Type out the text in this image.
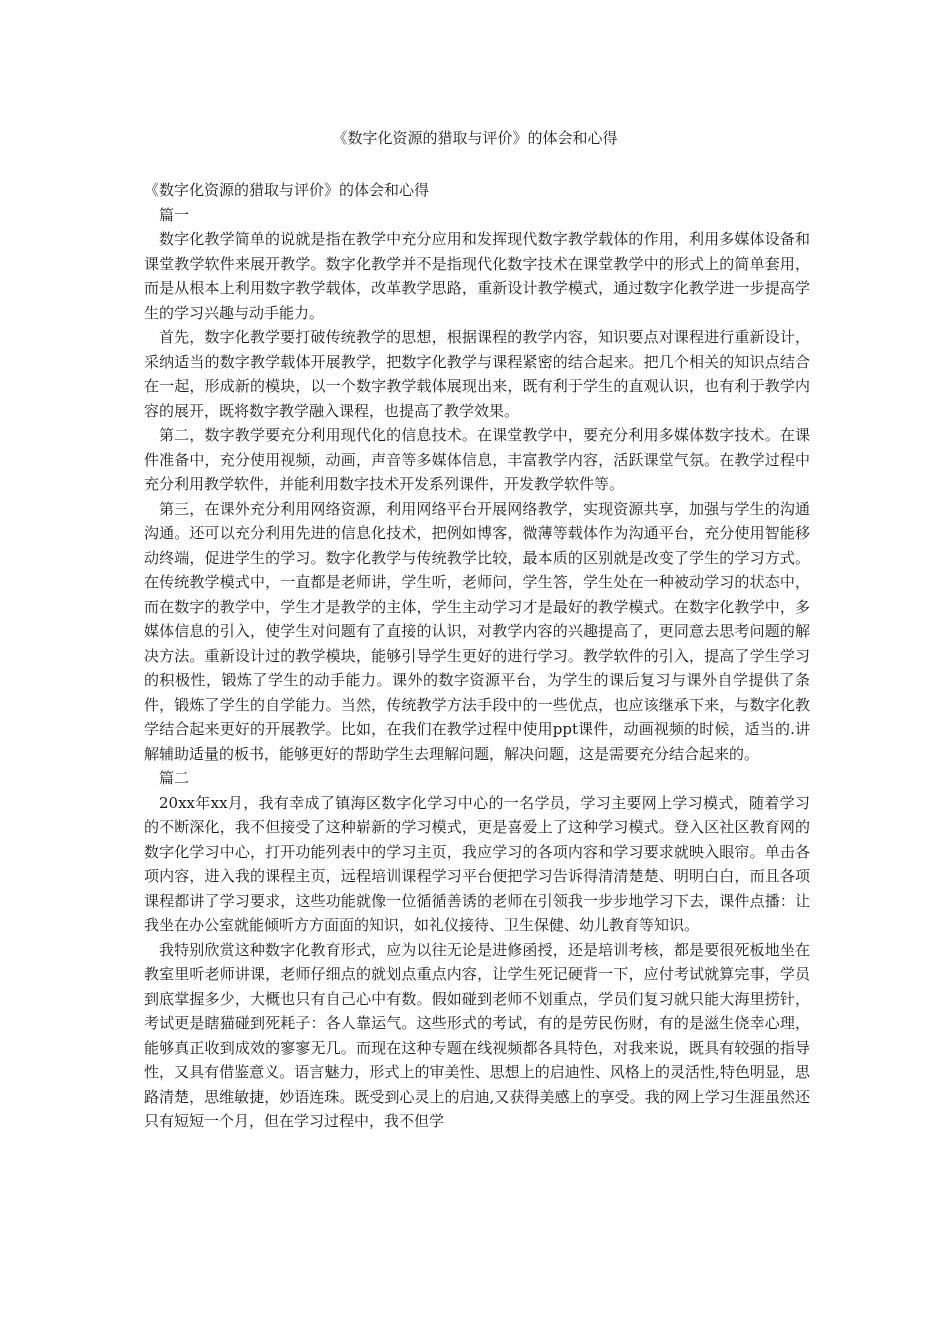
《数字化资源的猎取与评价》的体会和心得

《数字化资源的猎取与评价》的体会和心得

篇一

数字化教学简单的说就是指在教学中充分应用和发挥现代数字教学载体的作用，利用多媒体设备和课堂教学软件来展开教学。数字化教学并不是指现代化数字技术在课堂教学中的形式上的简单套用，而是从根本上利用数字教学载体，改革教学思路，重新设计教学模式，通过数字化教学进一步提高学生的学习兴趣与动手能力。

首先，数字化教学要打破传统教学的思想，根据课程的教学内容，知识要点对课程进行重新设计，采纳适当的数字教学载体开展教学，把数字化教学与课程紧密的结合起来。把几个相关的知识点结合在一起，形成新的模块，以一个数字教学载体展现出来，既有利于学生的直观认识，也有利于教学内容的展开，既将数字教学融入课程，也提高了教学效果。

第二，数字教学要充分利用现代化的信息技术。在课堂教学中，要充分利用多媒体数字技术。在课件准备中，充分使用视频，动画，声音等多媒体信息，丰富教学内容，活跃课堂气氛。在教学过程中充分利用教学软件，并能利用数字技术开发系列课件，开发教学软件等。

第三，在课外充分利用网络资源，利用网络平台开展网络教学，实现资源共享，加强与学生的沟通沟通。还可以充分利用先进的信息化技术，把例如博客，微薄等载体作为沟通平台，充分使用智能移动终端，促进学生的学习。数字化教学与传统教学比较，最本质的区别就是改变了学生的学习方式。在传统教学模式中，一直都是老师讲，学生听，老师问，学生答，学生处在一种被动学习的状态中，而在数字的教学中，学生才是教学的主体，学生主动学习才是最好的教学模式。在数字化教学中，多媒体信息的引入，使学生对问题有了直接的认识，对教学内容的兴趣提高了，更同意去思考问题的解决方法。重新设计过的教学模块，能够引导学生更好的进行学习。教学软件的引入，提高了学生学习的积极性，锻炼了学生的动手能力。课外的数字资源平台，为学生的课后复习与课外自学提供了条件，锻炼了学生的自学能力。当然，传统教学方法手段中的一些优点，也应该继承下来，与数字化教学结合起来更好的开展教学。比如，在我们在教学过程中使用ppt课件，动画视频的时候，适当的.讲解辅助适量的板书，能够更好的帮助学生去理解问题，解决问题，这是需要充分结合起来的。

篇二

20xx年xx月，我有幸成了镇海区数字化学习中心的一名学员，学习主要网上学习模式，随着学习的不断深化，我不但接受了这种崭新的学习模式，更是喜爱上了这种学习模式。登入区社区教育网的数字化学习中心，打开功能列表中的学习主页，我应学习的各项内容和学习要求就映入眼帘。单击各项内容，进入我的课程主页，远程培训课程学习平台便把学习告诉得清清楚楚、明明白白，而且各项课程都讲了学习要求，这些功能就像一位循循善诱的老师在引领我一步步地学习下去，课件点播：让我坐在办公室就能倾听方方面面的知识，如礼仪接待、卫生保健、幼儿教育等知识。

我特别欣赏这种数字化教育形式，应为以往无论是进修函授，还是培训考核，都是要很死板地坐在教室里听老师讲课，老师仔细点的就划点重点内容，让学生死记硬背一下，应付考试就算完事，学员到底掌握多少，大概也只有自己心中有数。假如碰到老师不划重点，学员们复习就只能大海里捞针，考试更是瞎猫碰到死耗子：各人靠运气。这些形式的考试，有的是劳民伤财，有的是滋生侥幸心理，能够真正收到成效的寥寥无几。而现在这种专题在线视频都各具特色，对我来说，既具有较强的指导性，又具有借鉴意义。语言魅力，形式上的审美性、思想上的启迪性、风格上的灵活性,特色明显，思路清楚，思维敏捷，妙语连珠。既受到心灵上的启迪,又获得美感上的享受。我的网上学习生涯虽然还只有短短一个月，但在学习过程中，我不但学
